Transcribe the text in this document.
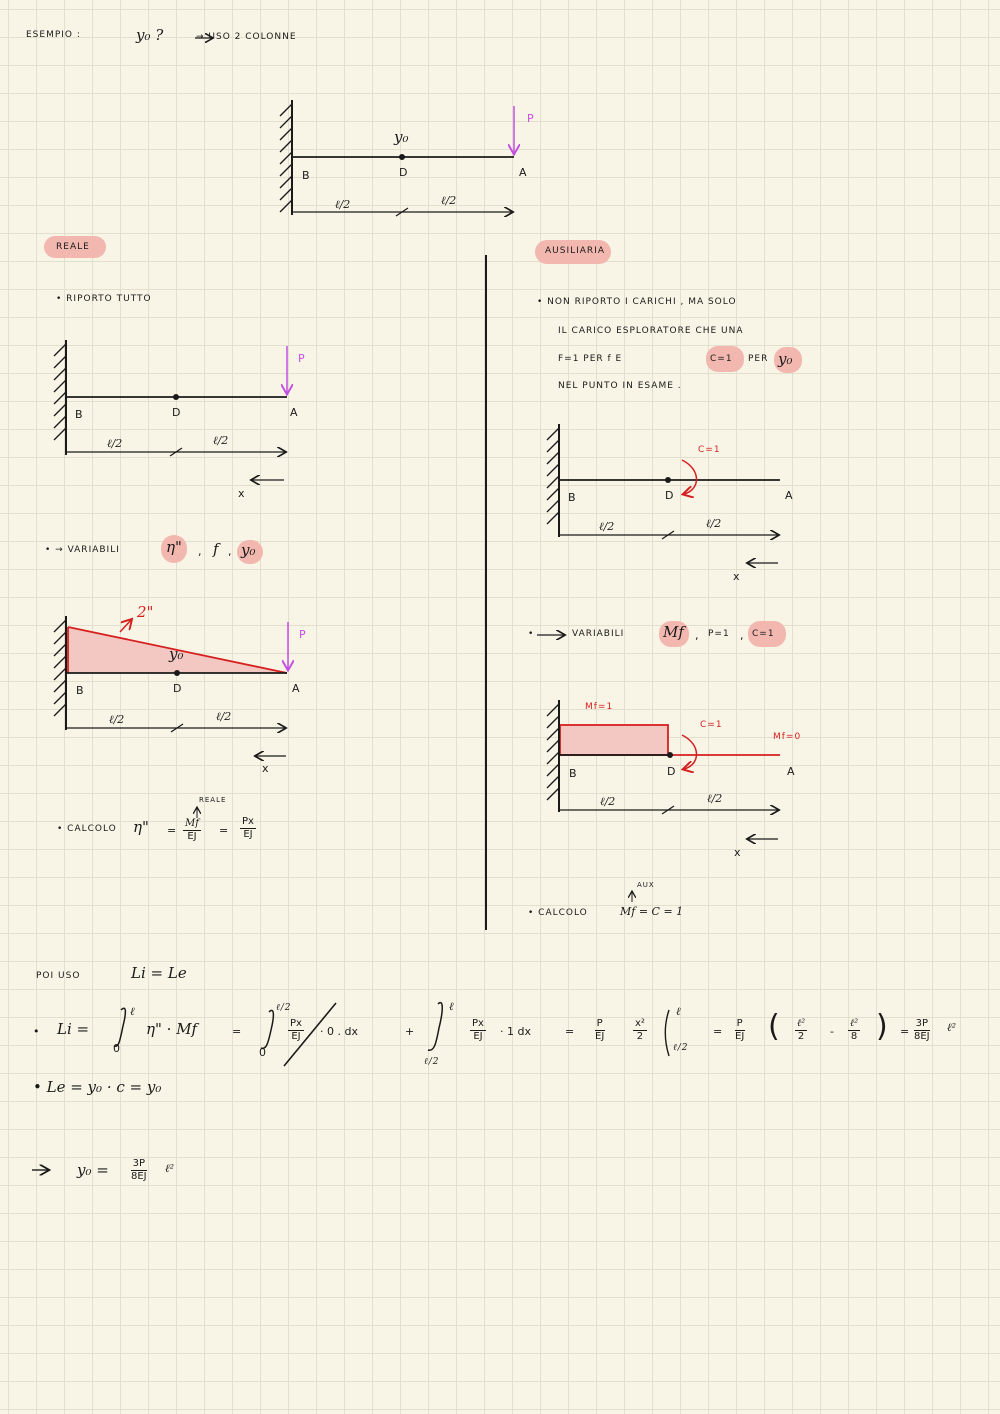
ESEMPIO :	y₀ ?	→ USO 2 COLONNE
y₀
P
B	D	A
ℓ/2	ℓ/2
REALE
• RIPORTO TUTTO
P
B	D	A
ℓ/2	ℓ/2
x
• → VARIABILI	η" , f , y₀
2"
y₀
P
B	D	A
ℓ/2	ℓ/2
x
• CALCOLO η" =
REALE
$\frac{Mf}{EJ} = \frac{Px}{EJ}$
AUSILIARIA
• NON RIPORTO I CARICHI , MA SOLO
IL CARICO ESPLORATORE CHE UNA
F=1 PER f E	C=1 PER y₀
NEL PUNTO IN ESAME .
C=1
B	D	A
ℓ/2	ℓ/2
x
•	VARIABILI	Mf , P=1 , C=1
Mf=1
C=1
Mf=0
B	D	A
ℓ/2	ℓ/2
x
• CALCOLO
AUX
Mf = C = 1
POI USO	Li = Le
• Li =
ℓ
0
η" · Mf	=
ℓ/2
0
$\frac{Px}{EJ} \cdot 0$ . dx	+
ℓ
ℓ/2
$\frac{Px}{EJ} \cdot 1$ dx	= $\frac{P}{EJ}$	$\frac{\text{x²}}{2}$
ℓ
ℓ/2
= $\frac{P}{EJ}$ ( ℓ²
2 -
ℓ²
8 ) = $\frac{3P}{8EJ}$ ℓ²
• Le = y₀ · c = y₀
$y_0 = \frac{3P}{8EJ}$ ℓ²
